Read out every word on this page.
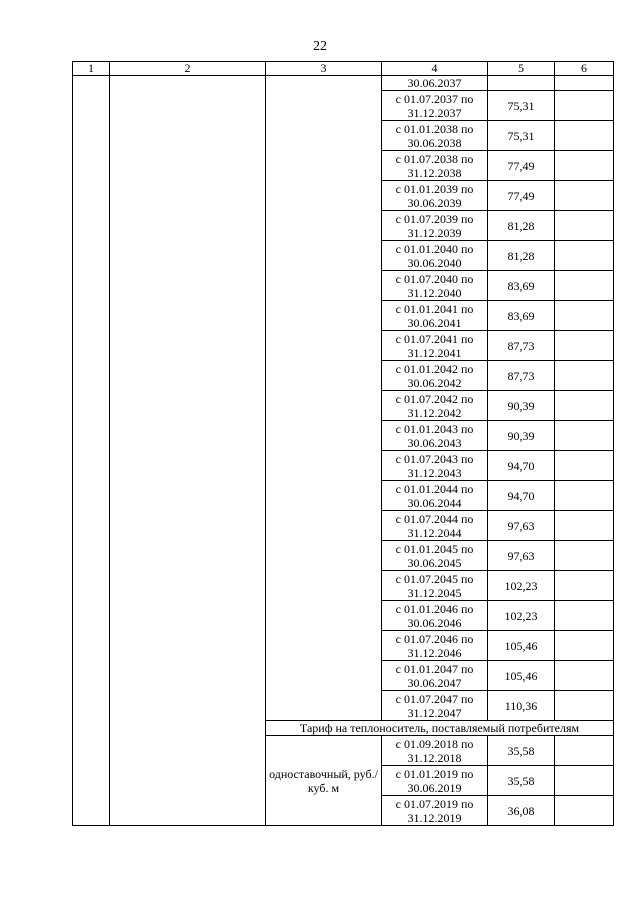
22
1	2	3	4	5	6
			30.06.2037		

			с 01.07.2037 по
31.12.2037	75,31	

			с 01.01.2038 по
30.06.2038	75,31	

			с 01.07.2038 по
31.12.2038	77,49	

			с 01.01.2039 по
30.06.2039	77,49	

			с 01.07.2039 по
31.12.2039	81,28	

			с 01.01.2040 по
30.06.2040	81,28	

			с 01.07.2040 по
31.12.2040	83,69	

			с 01.01.2041 по
30.06.2041	83,69	

			с 01.07.2041 по
31.12.2041	87,73	

			с 01.01.2042 по
30.06.2042	87,73	

			с 01.07.2042 по
31.12.2042	90,39	

			с 01.01.2043 по
30.06.2043	90,39	

			с 01.07.2043 по
31.12.2043	94,70	

			с 01.01.2044 по
30.06.2044	94,70	

			с 01.07.2044 по
31.12.2044	97,63	

			с 01.01.2045 по
30.06.2045	97,63	

			с 01.07.2045 по
31.12.2045	102,23	

			с 01.01.2046 по
30.06.2046	102,23	

			с 01.07.2046 по
31.12.2046	105,46	

			с 01.01.2047 по
30.06.2047	105,46	

			с 01.07.2047 по
31.12.2047	110,36	
		Тариф на теплоноситель, поставляемый потребителям			
		одноставочный, руб./куб. м	с 01.09.2018 по
31.12.2018	35,58	

			с 01.01.2019 по
30.06.2019	35,58	

			с 01.07.2019 по
31.12.2019	36,08	
